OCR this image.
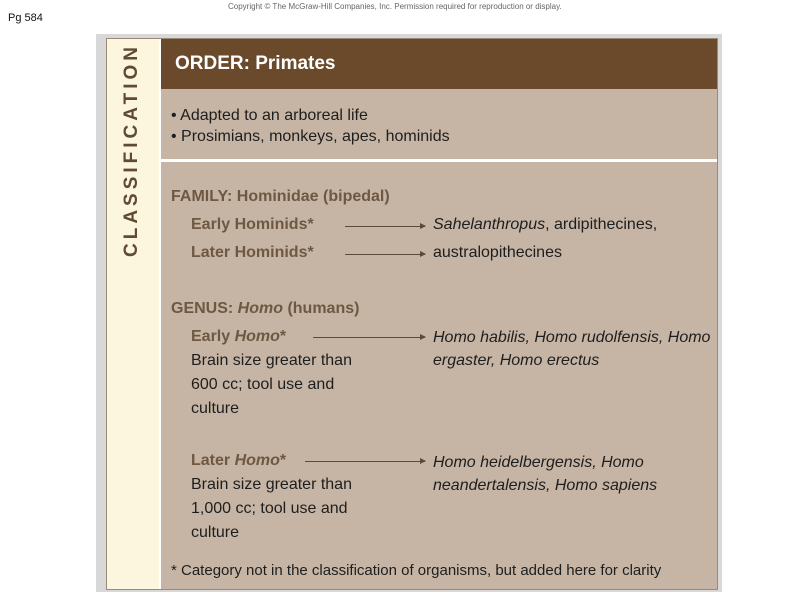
Pg 584
Copyright © The McGraw-Hill Companies, Inc. Permission required for reproduction or display.
CLASSIFICATION ORDER: Primates
• Adapted to an arboreal life
• Prosimians, monkeys, apes, hominids
FAMILY: Hominidae (bipedal)
Early Hominids*	Sahelanthropus, ardipithecines,
Later Hominids*	australopithecines
GENUS: Homo (humans)
Early Homo*
Brain size greater than 600 cc; tool use and culture
Homo habilis, Homo rudolfensis, Homo ergaster, Homo erectus
Later Homo*
Brain size greater than 1,000 cc; tool use and culture
Homo heidelbergensis, Homo neandertalensis, Homo sapiens
* Category not in the classification of organisms, but added here for clarity
